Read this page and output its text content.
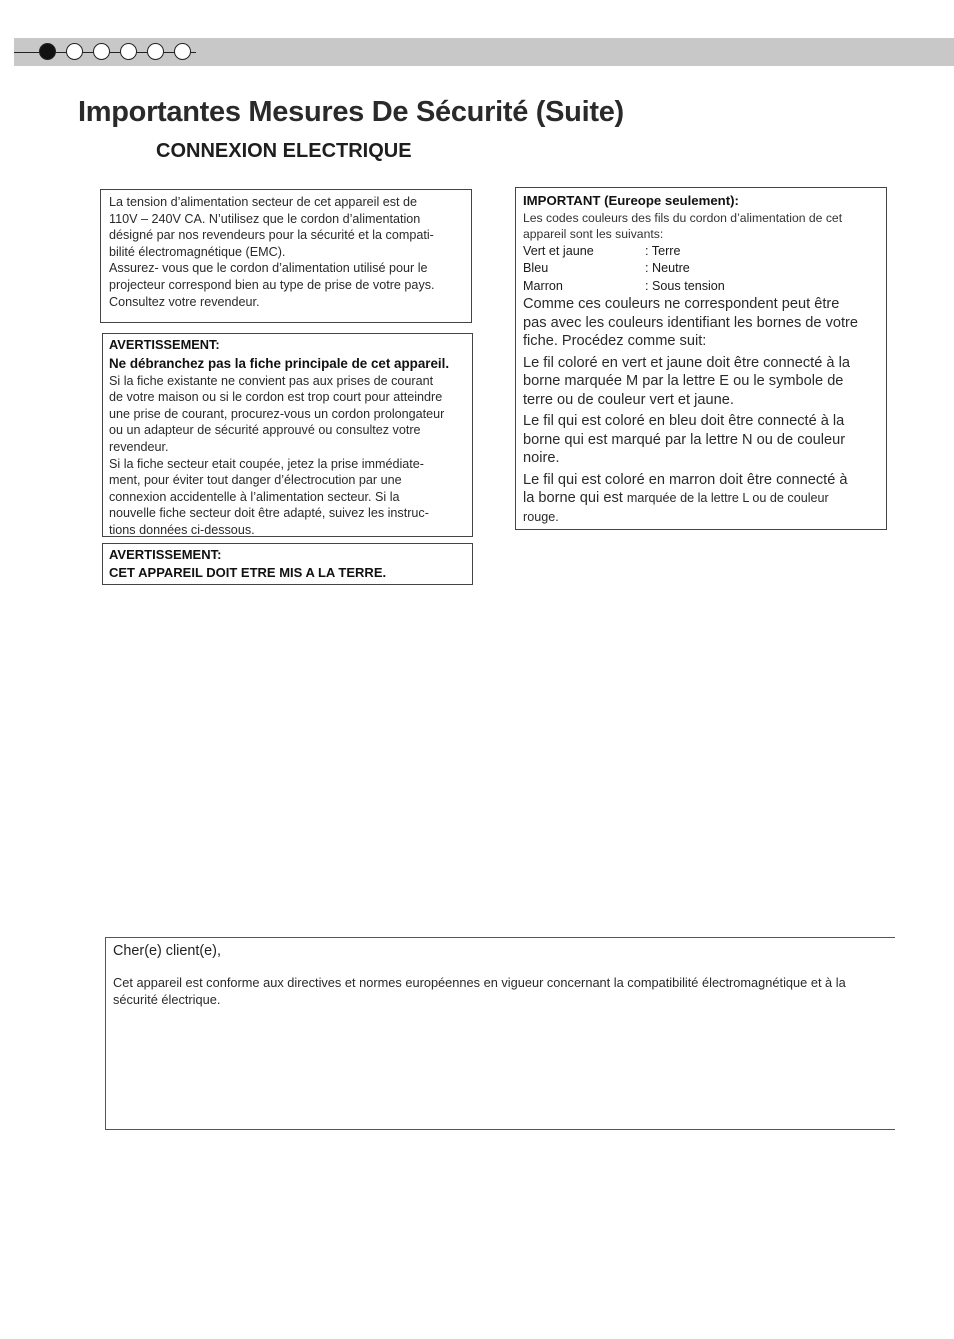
Importantes Mesures De Sécurité (Suite)
CONNEXION ELECTRIQUE

La tension d’alimentation secteur de cet appareil est de

110V – 240V CA. N’utilisez que le cordon d’alimentation

désigné par nos revendeurs pour la sécurité et la compati-

bilité électromagnétique (EMC).

Assurez- vous que le cordon d’alimentation utilisé pour le

projecteur correspond bien au type de prise de votre pays.

Consultez votre revendeur.

AVERTISSEMENT:

Ne débranchez pas la fiche principale de cet appareil.

Si la fiche existante ne convient pas aux prises de courant

de votre maison ou si le cordon est trop court pour atteindre

une prise de courant, procurez-vous un cordon prolongateur

ou un adapteur de sécurité approuvé ou consultez votre

revendeur.

Si la fiche secteur etait coupée, jetez la prise immédiate-

ment, pour éviter tout danger d’électrocution par une

connexion accidentelle à l’alimentation secteur. Si la

nouvelle fiche secteur doit être adapté, suivez les instruc-

tions données ci-dessous.

AVERTISSEMENT:

CET APPAREIL DOIT ETRE MIS A LA TERRE.

IMPORTANT (Eureope seulement):

Les codes couleurs des fils du cordon d’alimentation de cet

appareil sont les suivants:

Vert et jaune	: Terre
Bleu	: Neutre
Marron	: Sous tension

Comme ces couleurs ne correspondent peut être

pas avec les couleurs identifiant les bornes de votre

fiche. Procédez comme suit:

Le fil coloré en vert et jaune doit être connecté à la

borne marquée M par la lettre E ou le symbole de

terre ou de couleur vert et jaune.

Le fil qui est coloré en bleu doit être connecté à la

borne qui est marqué par la lettre N ou de couleur

noire.

Le fil qui est coloré en marron doit être connecté à

la borne qui est marquée de la lettre L ou de couleur

rouge.

Cher(e) client(e),

Cet appareil est conforme aux directives et normes européennes en vigueur concernant la compatibilité électromagnétique et à la sécurité électrique.
